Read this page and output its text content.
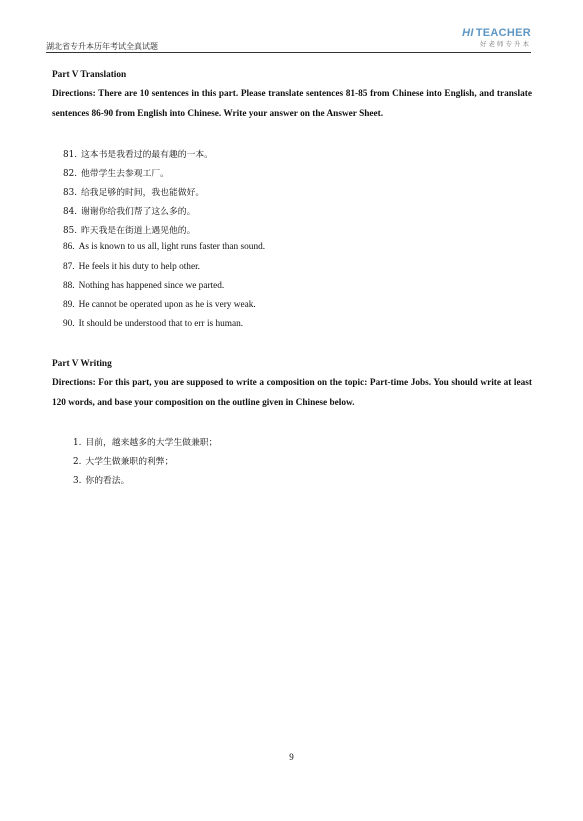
湖北省专升本历年考试全真试题
HI TEACHER
好老师专升本
Part V Translation
Directions: There are 10 sentences in this part. Please translate sentences 81-85 from Chinese into English, and translate sentences 86-90 from English into Chinese. Write your answer on the Answer Sheet.
81. 这本书是我看过的最有趣的一本。
82. 他带学生去参观工厂。
83. 给我足够的时间，我也能做好。
84. 谢谢你给我们帮了这么多的。
85. 昨天我是在街道上遇见他的。
86. As is known to us all, light runs faster than sound.
87. He feels it his duty to help other.
88. Nothing has happened since we parted.
89. He cannot be operated upon as he is very weak.
90. It should be understood that to err is human.
Part V Writing
Directions: For this part, you are supposed to write a composition on the topic: Part-time Jobs. You should write at least 120 words, and base your composition on the outline given in Chinese below.
1. 目前，越来越多的大学生做兼职；
2. 大学生做兼职的利弊；
3. 你的看法。
9
